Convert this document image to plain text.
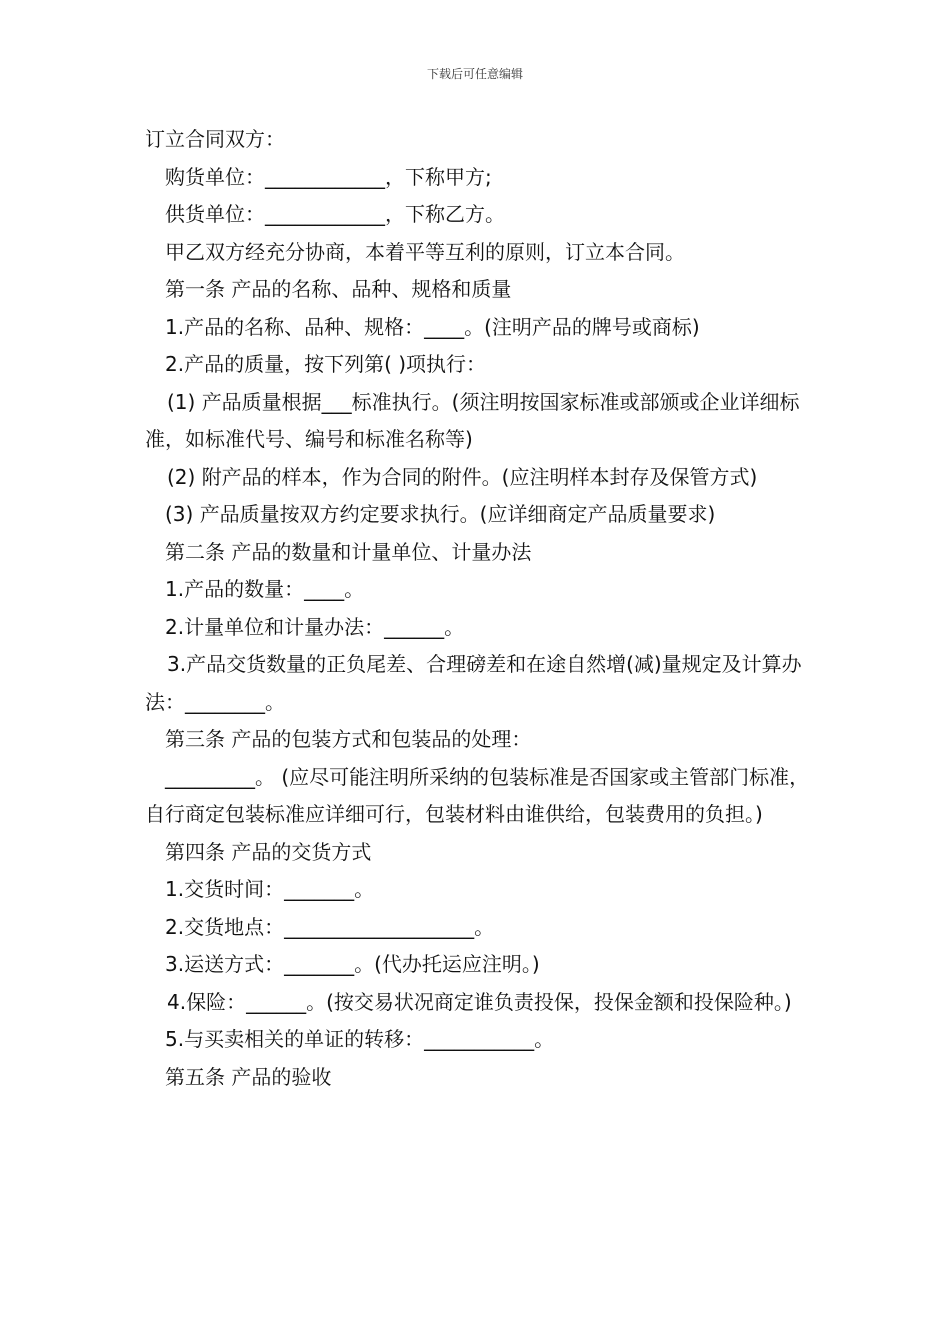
下载后可任意编辑

订立合同双方：

购货单位：____________，下称甲方;

供货单位：____________，下称乙方。

甲乙双方经充分协商，本着平等互利的原则，订立本合同。

第一条 产品的名称、品种、规格和质量

1.产品的名称、品种、规格：____。(注明产品的牌号或商标)

2.产品的质量，按下列第( )项执行：

(1) 产品质量根据___标准执行。(须注明按国家标准或部颁或企业详细标准，如标准代号、编号和标准名称等)

(2) 附产品的样本，作为合同的附件。(应注明样本封存及保管方式)

(3) 产品质量按双方约定要求执行。(应详细商定产品质量要求)

第二条 产品的数量和计量单位、计量办法

1.产品的数量：____。

2.计量单位和计量办法：______。

3.产品交货数量的正负尾差、合理磅差和在途自然增(减)量规定及计算办法：________。

第三条 产品的包装方式和包装品的处理：

_________。 (应尽可能注明所采纳的包装标准是否国家或主管部门标准，自行商定包装标准应详细可行，包装材料由谁供给，包装费用的负担。)

第四条 产品的交货方式

1.交货时间：_______。

2.交货地点：___________________。

3.运送方式：_______。(代办托运应注明。)

4.保险：______。(按交易状况商定谁负责投保，投保金额和投保险种。)

5.与买卖相关的单证的转移：___________。

第五条 产品的验收
